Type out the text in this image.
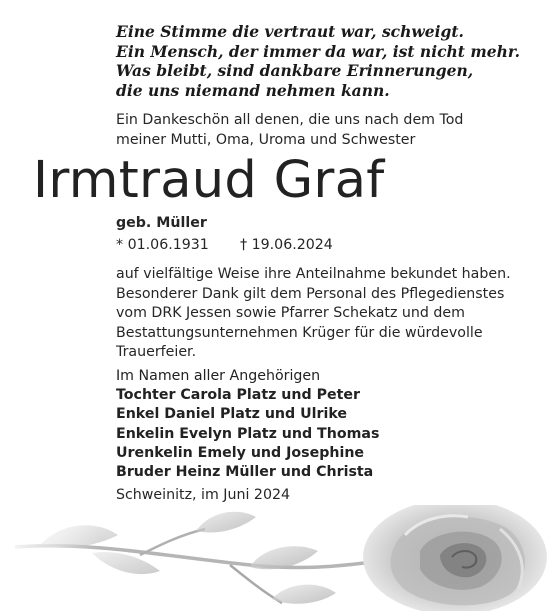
Eine Stimme die vertraut war, schweigt.
Ein Mensch, der immer da war, ist nicht mehr.
Was bleibt, sind dankbare Erinnerungen,
die uns niemand nehmen kann.
Ein Dankeschön all denen, die uns nach dem Tod
meiner Mutti, Oma, Uroma und Schwester
Irmtraud Graf
geb. Müller
* 01.06.1931 † 19.06.2024
auf vielfältige Weise ihre Anteilnahme bekundet haben.
Besonderer Dank gilt dem Personal des Pflegedienstes
vom DRK Jessen sowie Pfarrer Schekatz und dem
Bestattungsunternehmen Krüger für die würdevolle
Trauerfeier.
Im Namen aller Angehörigen
Tochter Carola Platz und Peter
Enkel Daniel Platz und Ulrike
Enkelin Evelyn Platz und Thomas
Urenkelin Emely und Josephine
Bruder Heinz Müller und Christa
Schweinitz, im Juni 2024
